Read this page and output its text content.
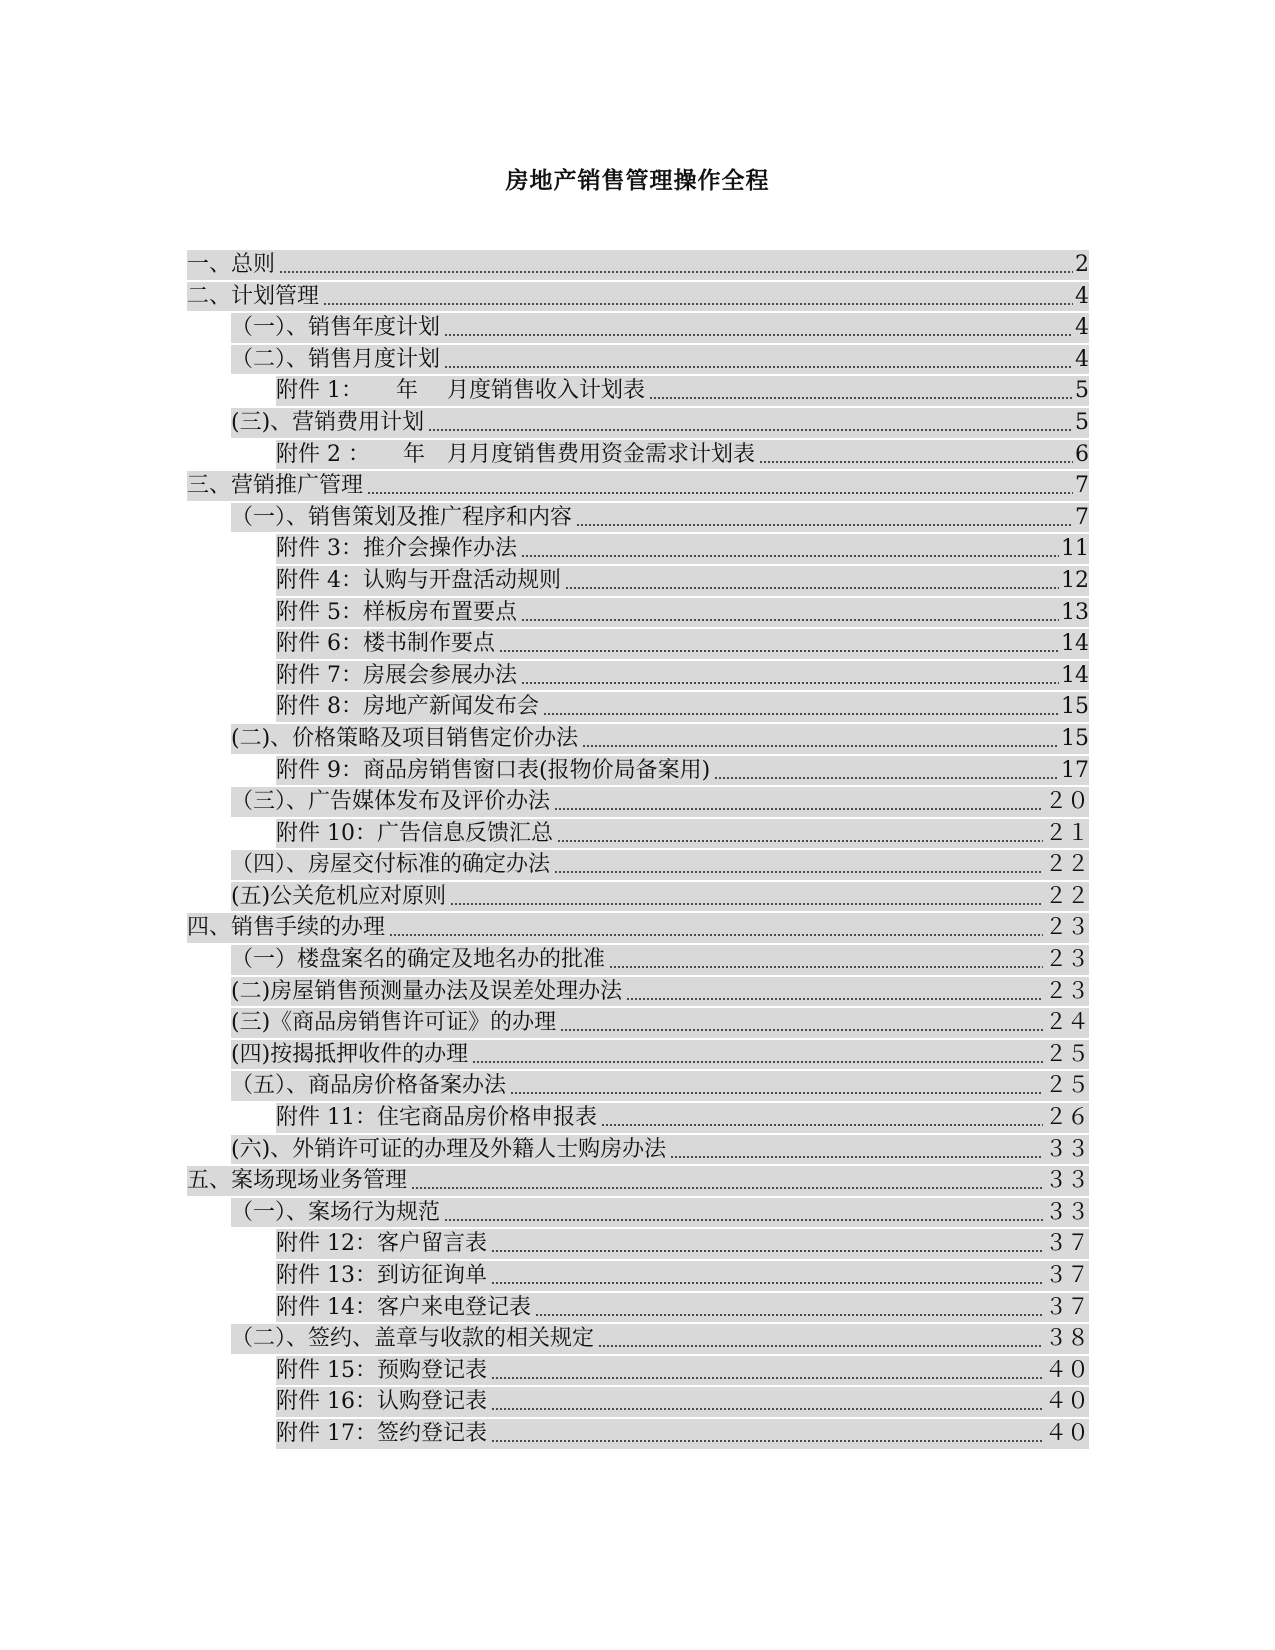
房地产销售管理操作全程
一、总则	2
二、计划管理	4
（一）、销售年度计划	4
（二）、销售月度计划	4
附件 1：　　年　 月度销售收入计划表	5
(三)、营销费用计划	5
附件 2 ：　　年　月月度销售费用资金需求计划表	6
三、营销推广管理	7
（一）、销售策划及推广程序和内容	7
附件 3：推介会操作办法	11
附件 4：认购与开盘活动规则	12
附件 5：样板房布置要点	13
附件 6：楼书制作要点	14
附件 7：房展会参展办法	14
附件 8：房地产新闻发布会	15
(二)、价格策略及项目销售定价办法	15
附件 9：商品房销售窗口表(报物价局备案用)	17
（三）、广告媒体发布及评价办法	２０
附件 10：广告信息反馈汇总	２１
（四）、房屋交付标准的确定办法	２２
(五)公关危机应对原则	２２
四、销售手续的办理	２３
（一）楼盘案名的确定及地名办的批准	２３
(二)房屋销售预测量办法及误差处理办法	２３
(三)《商品房销售许可证》的办理	２４
(四)按揭抵押收件的办理	２５
（五）、商品房价格备案办法	２５
附件 11：住宅商品房价格申报表	２６
(六)、外销许可证的办理及外籍人士购房办法	３３
五、案场现场业务管理	３３
（一）、案场行为规范	３３
附件 12：客户留言表	３７
附件 13：到访征询单	３７
附件 14：客户来电登记表	３７
（二）、签约、盖章与收款的相关规定	３８
附件 15：预购登记表	４０
附件 16：认购登记表	４０
附件 17：签约登记表	４０
